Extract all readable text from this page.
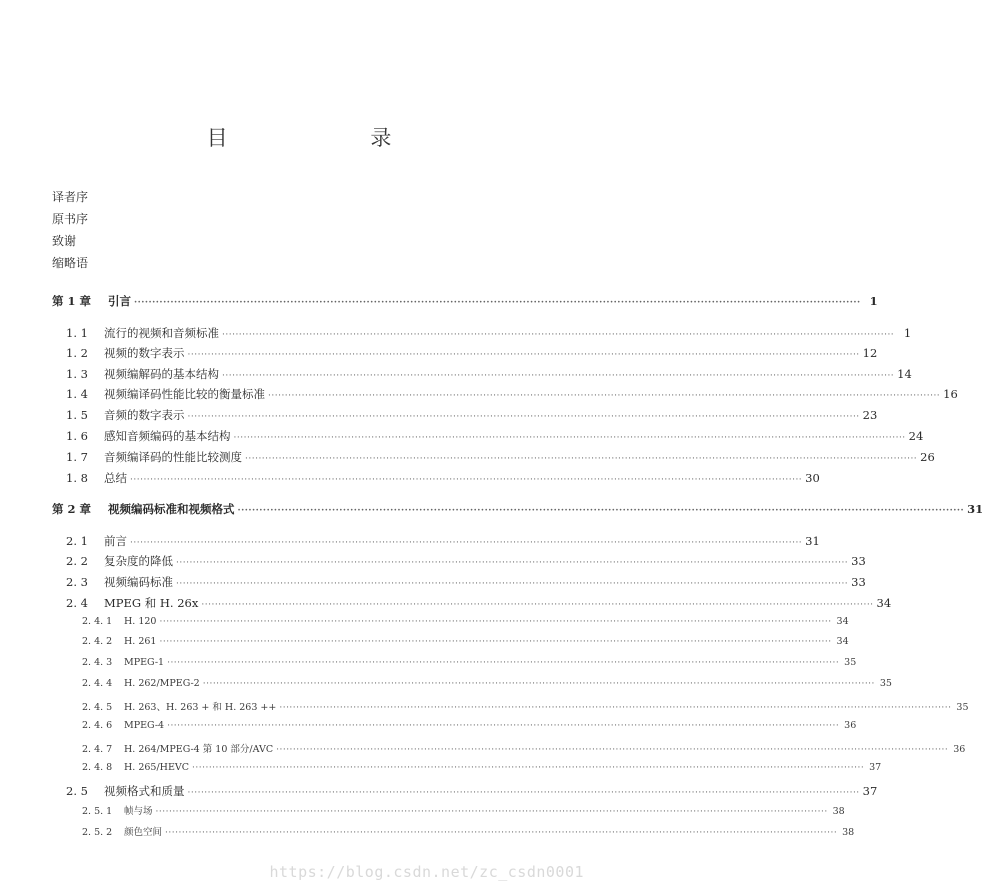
目 录
译者序
原书序
致谢
缩略语
第 1 章	引言 ········································································································································································································ 1
1. 1	流行的视频和音频标准 ········································································································································································································ 1
1. 2	视频的数字表示 ········································································································································································································ 12
1. 3	视频编解码的基本结构 ········································································································································································································ 14
1. 4	视频编译码性能比较的衡量标准 ········································································································································································································ 16
1. 5	音频的数字表示 ········································································································································································································ 23
1. 6	感知音频编码的基本结构 ········································································································································································································ 24
1. 7	音频编译码的性能比较测度 ········································································································································································································ 26
1. 8	总结 ········································································································································································································ 30
第 2 章	视频编码标准和视频格式 ········································································································································································································ 31
2. 1	前言 ········································································································································································································ 31
2. 2	复杂度的降低 ········································································································································································································ 33
2. 3	视频编码标准 ········································································································································································································ 33
2. 4	MPEG 和 H. 26x ········································································································································································································ 34
2. 4. 1	H. 120 ········································································································································································································ 34
2. 4. 2	H. 261 ········································································································································································································ 34
2. 4. 3	MPEG-1 ········································································································································································································ 35
2. 4. 4	H. 262/MPEG-2 ········································································································································································································ 35
2. 4. 5	H. 263、H. 263 + 和 H. 263 ++ ········································································································································································································ 35
2. 4. 6	MPEG-4 ········································································································································································································ 36
2. 4. 7	H. 264/MPEG-4 第 10 部分/AVC ········································································································································································································ 36
2. 4. 8	H. 265/HEVC ········································································································································································································ 37
2. 5	视频格式和质量 ········································································································································································································ 37
2. 5. 1	帧与场 ········································································································································································································ 38
2. 5. 2	颜色空间 ········································································································································································································ 38
https://blog.csdn.net/zc_csdn0001
